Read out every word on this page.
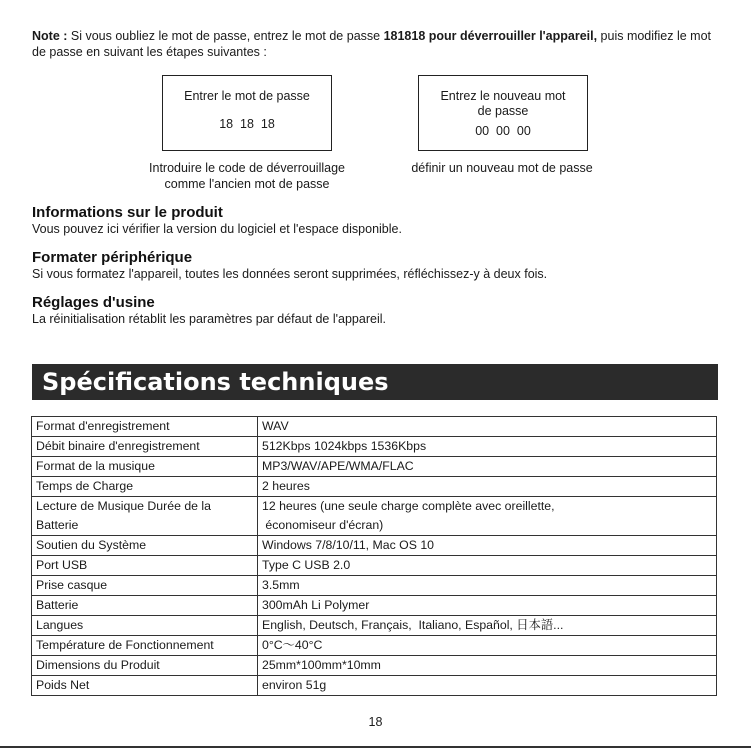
Note : Si vous oubliez le mot de passe, entrez le mot de passe 181818 pour déverrouiller l'appareil, puis modifiez le mot de passe en suivant les étapes suivantes :

Entrer le mot de passe
18  18  18
Entrez le nouveau mot de passe
00  00  00
Introduire le code de déverrouillage comme l'ancien mot de passe
définir un nouveau mot de passe
Informations sur le produit

Vous pouvez ici vérifier la version du logiciel et l'espace disponible.

Formater périphérique

Si vous formatez l'appareil, toutes les données seront supprimées, réfléchissez-y à deux fois.

Réglages d'usine

La réinitialisation rétablit les paramètres par défaut de l'appareil.

Spécifications techniques
Format d'enregistrement	WAV
Débit binaire d'enregistrement	512Kbps 1024kbps 1536Kbps
Format de la musique	MP3/WAV/APE/WMA/FLAC
Temps de Charge	2 heures

Lecture de Musique Durée de la
Batterie	12 heures (une seule charge complète avec oreillette,
économiseur d'écran)

Soutien du Système	Windows 7/8/10/11, Mac OS 10
Port USB	Type C USB 2.0
Prise casque	3.5mm
Batterie	300mAh Li Polymer
Langues	English, Deutsch, Français,  Italiano, Español, 日本語...
Température de Fonctionnement	0°C～40°C
Dimensions du Produit	25mm*100mm*10mm
Poids Net	environ 51g
18
